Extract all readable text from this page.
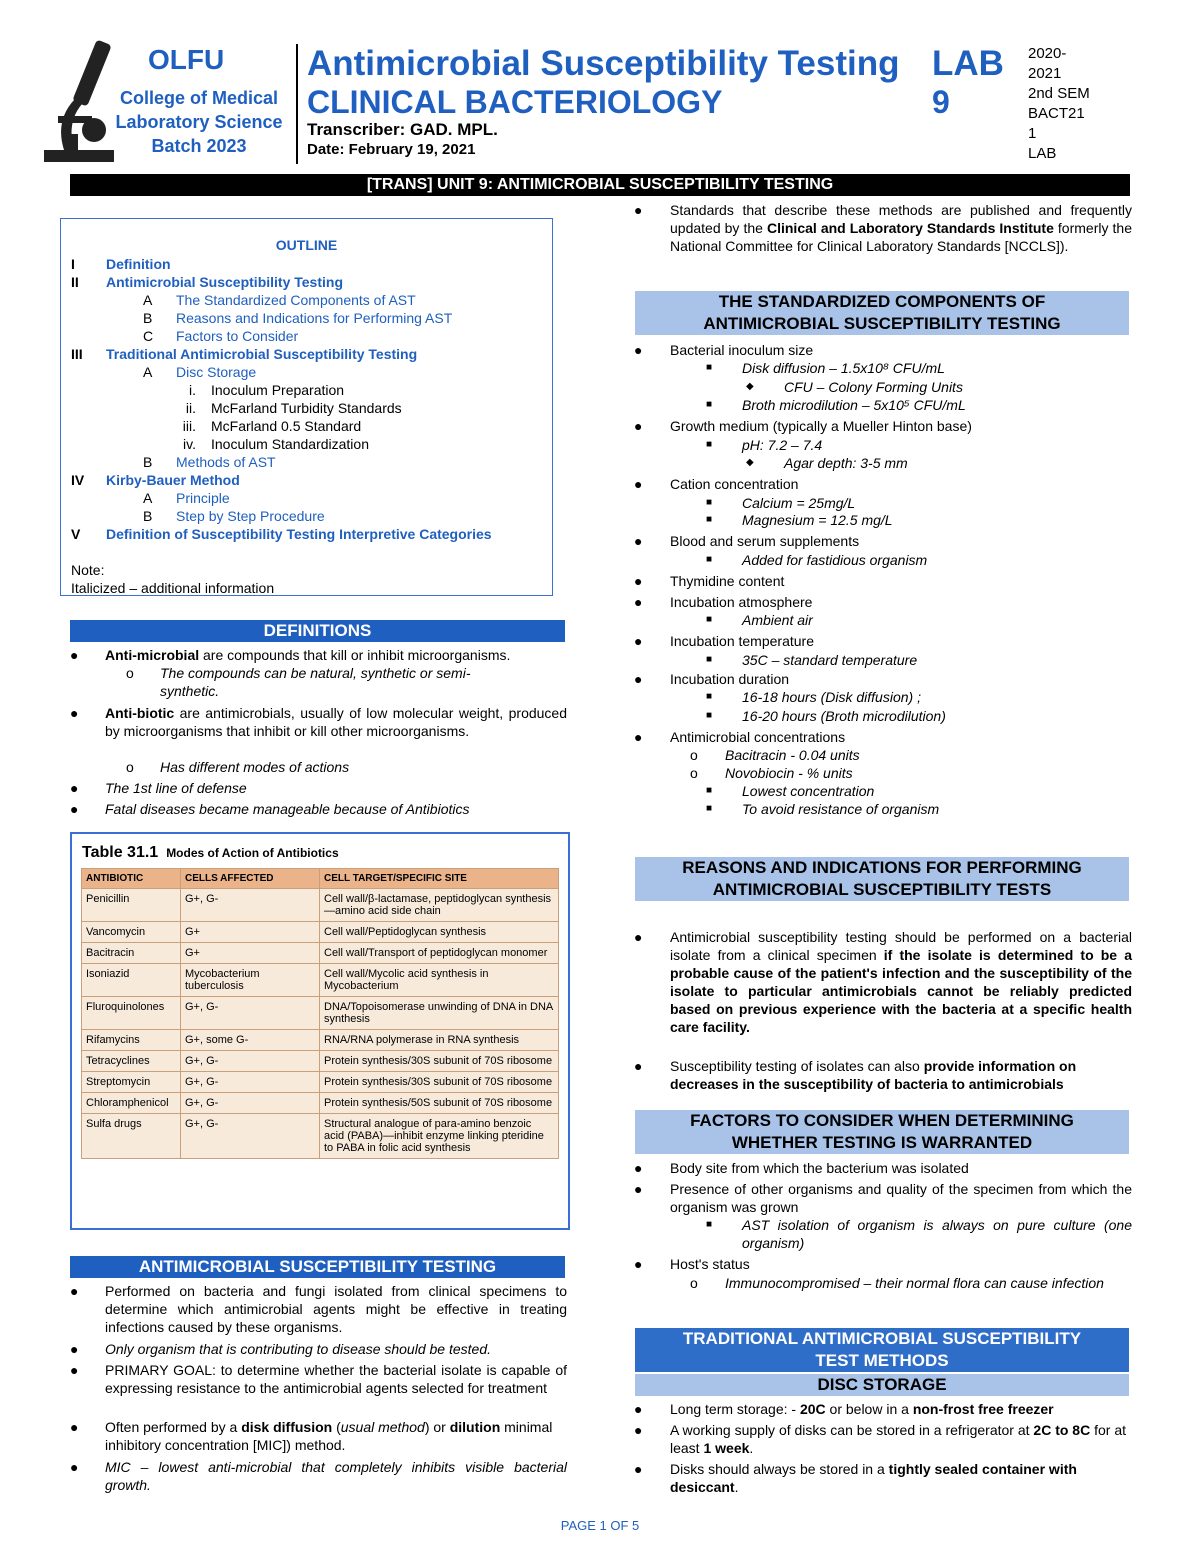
OLFU
College of Medical
Laboratory Science
Batch 2023
Antimicrobial Susceptibility Testing
CLINICAL BACTERIOLOGY
LAB
9
Transcriber: GAD. MPL.
Date: February 19, 2021
2020-
2021
2nd SEM
BACT21
1
LAB
[TRANS] UNIT 9: ANTIMICROBIAL SUSCEPTIBILITY TESTING
OUTLINE
I Definition
II Antimicrobial Susceptibility Testing
A The Standardized Components of AST
B Reasons and Indications for Performing AST
C Factors to Consider
III Traditional Antimicrobial Susceptibility Testing
A Disc Storage
i. Inoculum Preparation
ii. McFarland Turbidity Standards
iii. McFarland 0.5 Standard
iv. Inoculum Standardization
B Methods of AST
IV Kirby-Bauer Method
A Principle
B Step by Step Procedure
V Definition of Susceptibility Testing Interpretive Categories
Note:
Italicized – additional information
DEFINITIONS
● Anti-microbial are compounds that kill or inhibit microorganisms.
o The compounds can be natural, synthetic or semi-synthetic.
● Anti-biotic are antimicrobials, usually of low molecular weight, produced by microorganisms that inhibit or kill other microorganisms.
o Has different modes of actions
● The 1st line of defense
● Fatal diseases became manageable because of Antibiotics
Table 31.1 Modes of Action of Antibiotics
ANTIBIOTIC	CELLS AFFECTED	CELL TARGET/SPECIFIC SITE
Penicillin	G+, G-	Cell wall/β-lactamase, peptidoglycan synthesis—amino acid side chain
Vancomycin	G+	Cell wall/Peptidoglycan synthesis
Bacitracin	G+	Cell wall/Transport of peptidoglycan monomer
Isoniazid	Mycobacterium tuberculosis	Cell wall/Mycolic acid synthesis in Mycobacterium
Fluroquinolones	G+, G-	DNA/Topoisomerase unwinding of DNA in DNA synthesis
Rifamycins	G+, some G-	RNA/RNA polymerase in RNA synthesis
Tetracyclines	G+, G-	Protein synthesis/30S subunit of 70S ribosome
Streptomycin	G+, G-	Protein synthesis/30S subunit of 70S ribosome
Chloramphenicol	G+, G-	Protein synthesis/50S subunit of 70S ribosome
Sulfa drugs	G+, G-	Structural analogue of para-amino benzoic acid (PABA)—inhibit enzyme linking pteridine to PABA in folic acid synthesis
ANTIMICROBIAL SUSCEPTIBILITY TESTING
● Performed on bacteria and fungi isolated from clinical specimens to determine which antimicrobial agents might be effective in treating infections caused by these organisms.
● Only organism that is contributing to disease should be tested.
● PRIMARY GOAL: to determine whether the bacterial isolate is capable of expressing resistance to the antimicrobial agents selected for treatment
● Often performed by a disk diffusion (usual method) or dilution minimal inhibitory concentration [MIC]) method.
● MIC – lowest anti-microbial that completely inhibits visible bacterial growth.
● Standards that describe these methods are published and frequently updated by the Clinical and Laboratory Standards Institute formerly the National Committee for Clinical Laboratory Standards [NCCLS]).
THE STANDARDIZED COMPONENTS OF
ANTIMICROBIAL SUSCEPTIBILITY TESTING
● Bacterial inoculum size
■ Disk diffusion – 1.5x10⁸ CFU/mL
◆ CFU – Colony Forming Units
■ Broth microdilution – 5x10⁵ CFU/mL
● Growth medium (typically a Mueller Hinton base)
■ pH: 7.2 – 7.4
◆ Agar depth: 3-5 mm
● Cation concentration
■ Calcium = 25mg/L
■ Magnesium = 12.5 mg/L
● Blood and serum supplements
■ Added for fastidious organism
● Thymidine content
● Incubation atmosphere
■ Ambient air
● Incubation temperature
■ 35C – standard temperature
● Incubation duration
■ 16-18 hours (Disk diffusion) ;
■ 16-20 hours (Broth microdilution)
● Antimicrobial concentrations
o Bacitracin - 0.04 units
o Novobiocin - % units
■ Lowest concentration
■ To avoid resistance of organism
REASONS AND INDICATIONS FOR PERFORMING
ANTIMICROBIAL SUSCEPTIBILITY TESTS
● Antimicrobial susceptibility testing should be performed on a bacterial isolate from a clinical specimen if the isolate is determined to be a probable cause of the patient's infection and the susceptibility of the isolate to particular antimicrobials cannot be reliably predicted based on previous experience with the bacteria at a specific health care facility.
● Susceptibility testing of isolates can also provide information on decreases in the susceptibility of bacteria to antimicrobials
FACTORS TO CONSIDER WHEN DETERMINING
WHETHER TESTING IS WARRANTED
● Body site from which the bacterium was isolated
● Presence of other organisms and quality of the specimen from which the organism was grown
■ AST isolation of organism is always on pure culture (one organism)
● Host's status
o Immunocompromised – their normal flora can cause infection
TRADITIONAL ANTIMICROBIAL SUSCEPTIBILITY
TEST METHODS
DISC STORAGE
● Long term storage: - 20C or below in a non-frost free freezer
● A working supply of disks can be stored in a refrigerator at 2C to 8C for at least 1 week.
● Disks should always be stored in a tightly sealed container with desiccant.
PAGE 1 OF 5
